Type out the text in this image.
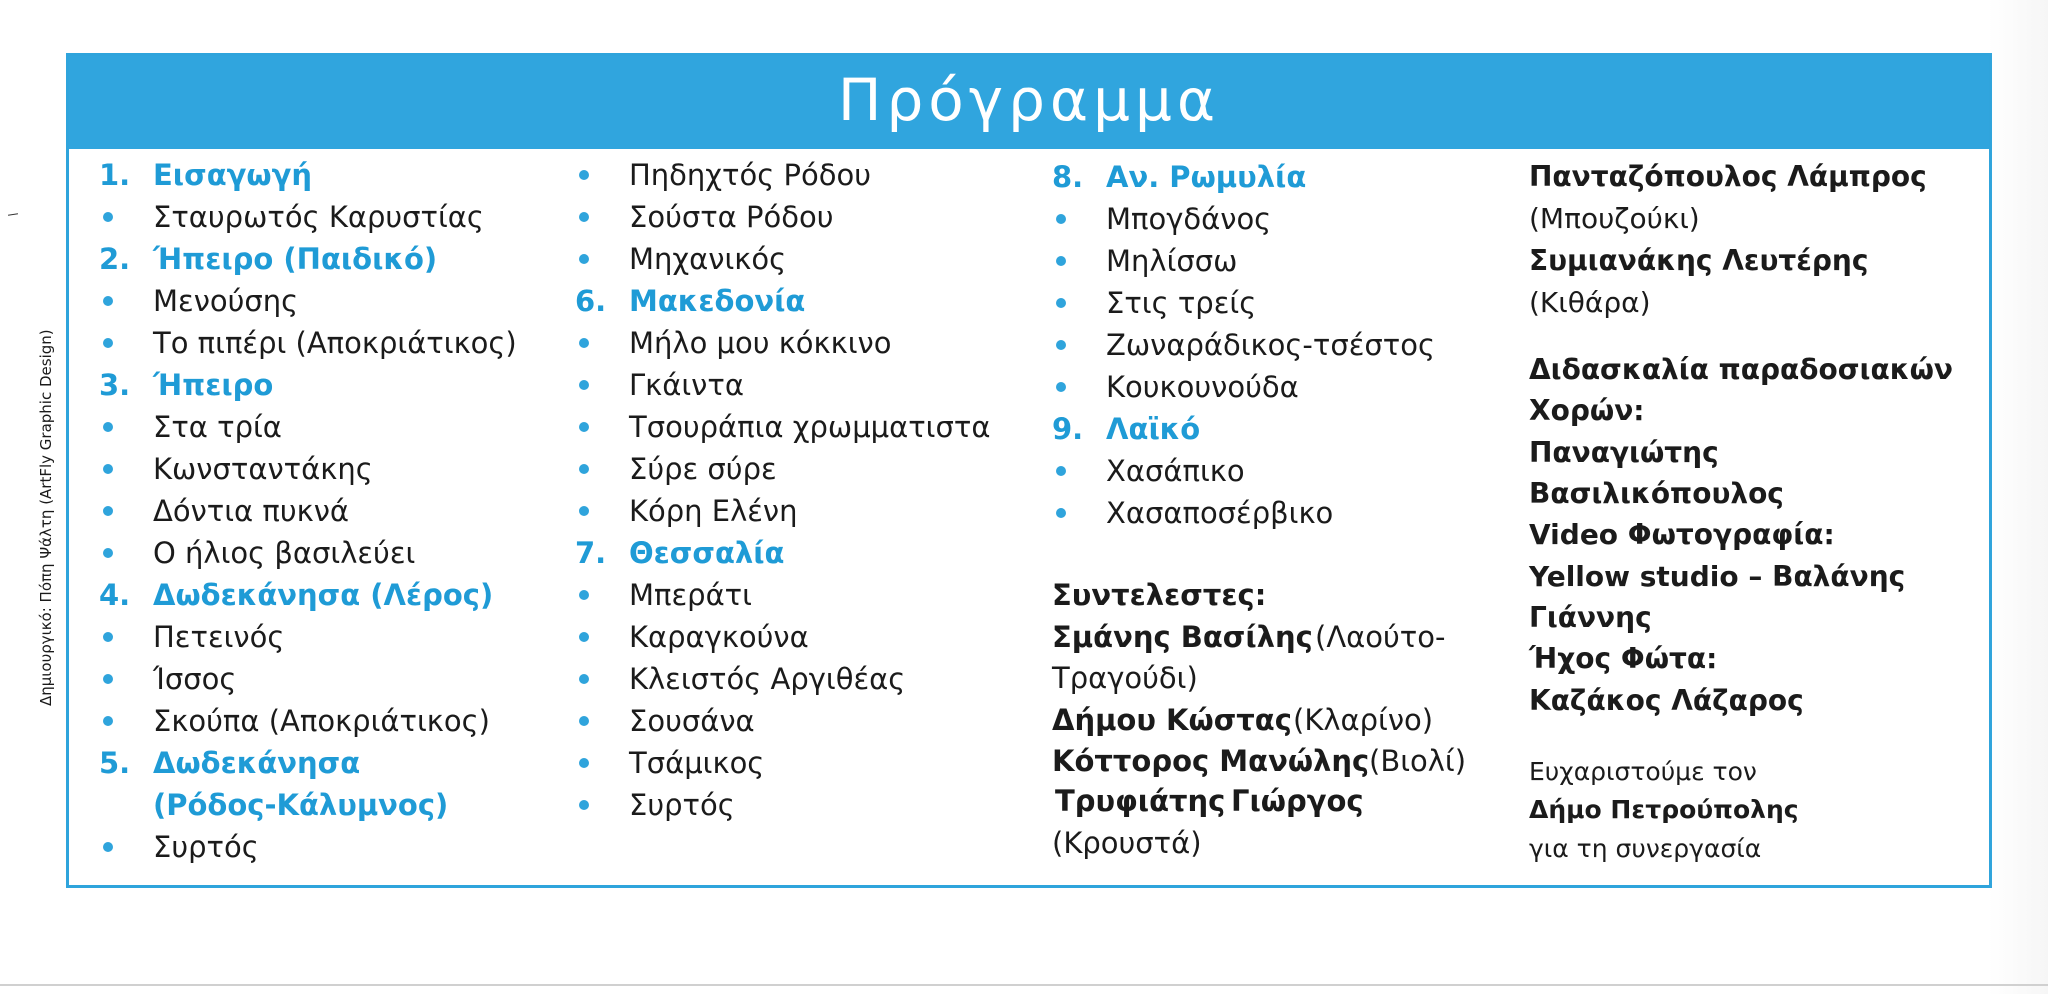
Δημιουργικό: Πόπη Ψάλτη (ArtFly Graphic Design)
Πρόγραμμα
1. Εισαγωγή
Σταυρωτός Καρυστίας
2. Ήπειρο (Παιδικό)
Μενούσης
Το πιπέρι (Αποκριάτικος)
3. Ήπειρο
Στα τρία
Κωνσταντάκης
Δόντια πυκνά
Ο ήλιος βασιλεύει
4. Δωδεκάνησα (Λέρος)
Πετεινός
Ίσσος
Σκούπα (Αποκριάτικος)
5. Δωδεκάνησα
(Ρόδος-Κάλυμνος)
Συρτός
Πηδηχτός Ρόδου
Σούστα Ρόδου
Μηχανικός
6. Μακεδονία
Μήλο μου κόκκινο
Γκάιντα
Τσουράπια χρωμματιστα
Σύρε σύρε
Κόρη Ελένη
7. Θεσσαλία
Μπεράτι
Καραγκούνα
Κλειστός Αργιθέας
Σουσάνα
Τσάμικος
Συρτός
8. Αν. Ρωμυλία
Μπογδάνος
Μηλίσσω
Στις τρείς
Ζωναράδικος-τσέστος
Κουκουνούδα
9. Λαϊκό
Χασάπικο
Χασαποσέρβικο
Συντελεστες:
Σμάνης Βασίλης (Λαούτο-
Τραγούδι)
Δήμου Κώστας (Κλαρίνο)
Κόττορος Μανώλης (Βιολί)
Τρυφιάτης Γιώργος
(Κρουστά)
Πανταζόπουλος Λάμπρος
(Μπουζούκι)
Συμιανάκης Λευτέρης
(Κιθάρα)
Διδασκαλία παραδοσιακών
Χορών:
Παναγιώτης
Βασιλικόπουλος
Video Φωτογραφία:
Yellow studio – Βαλάνης
Γιάννης
Ήχος Φώτα:
Καζάκος Λάζαρος
Ευχαριστούμε τον
Δήμο Πετρούπολης
για τη συνεργασία
